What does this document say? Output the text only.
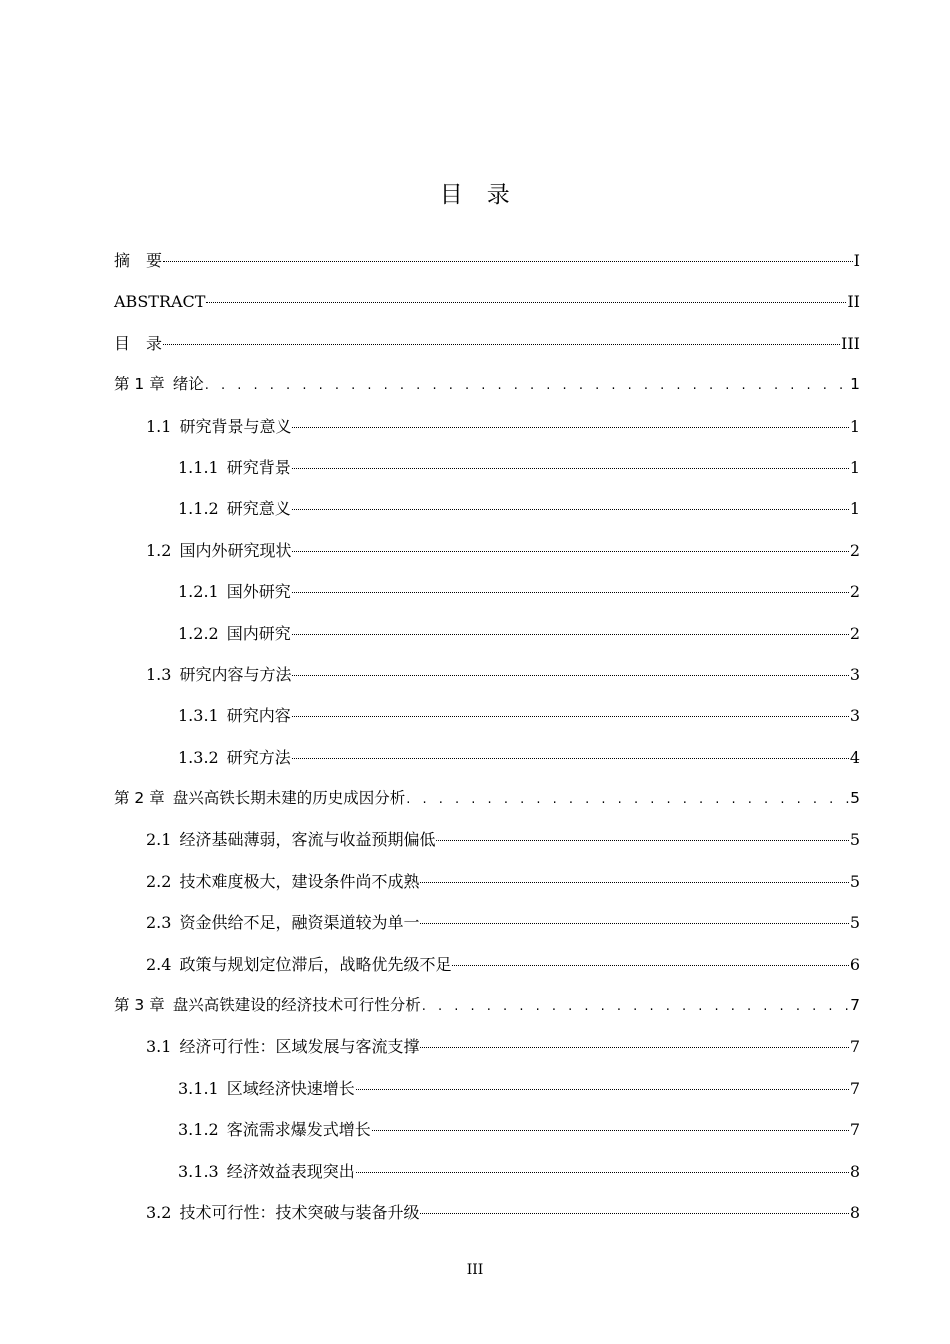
目　录
摘　要	I
ABSTRACT	II
目　录	III
第 1 章 绪论 . . .	1
1.1 研究背景与意义	1
1.1.1 研究背景	1
1.1.2 研究意义	1
1.2 国内外研究现状	2
1.2.1 国外研究	2
1.2.2 国内研究	2
1.3 研究内容与方法	3
1.3.1 研究内容	3
1.3.2 研究方法	4
第 2 章 盘兴高铁长期未建的历史成因分析 . . .	5
2.1 经济基础薄弱，客流与收益预期偏低	5
2.2 技术难度极大，建设条件尚不成熟	5
2.3 资金供给不足，融资渠道较为单一	5
2.4 政策与规划定位滞后，战略优先级不足	6
第 3 章 盘兴高铁建设的经济技术可行性分析 . . .	7
3.1 经济可行性：区域发展与客流支撑	7
3.1.1 区域经济快速增长	7
3.1.2 客流需求爆发式增长	7
3.1.3 经济效益表现突出	8
3.2 技术可行性：技术突破与装备升级	8
III
